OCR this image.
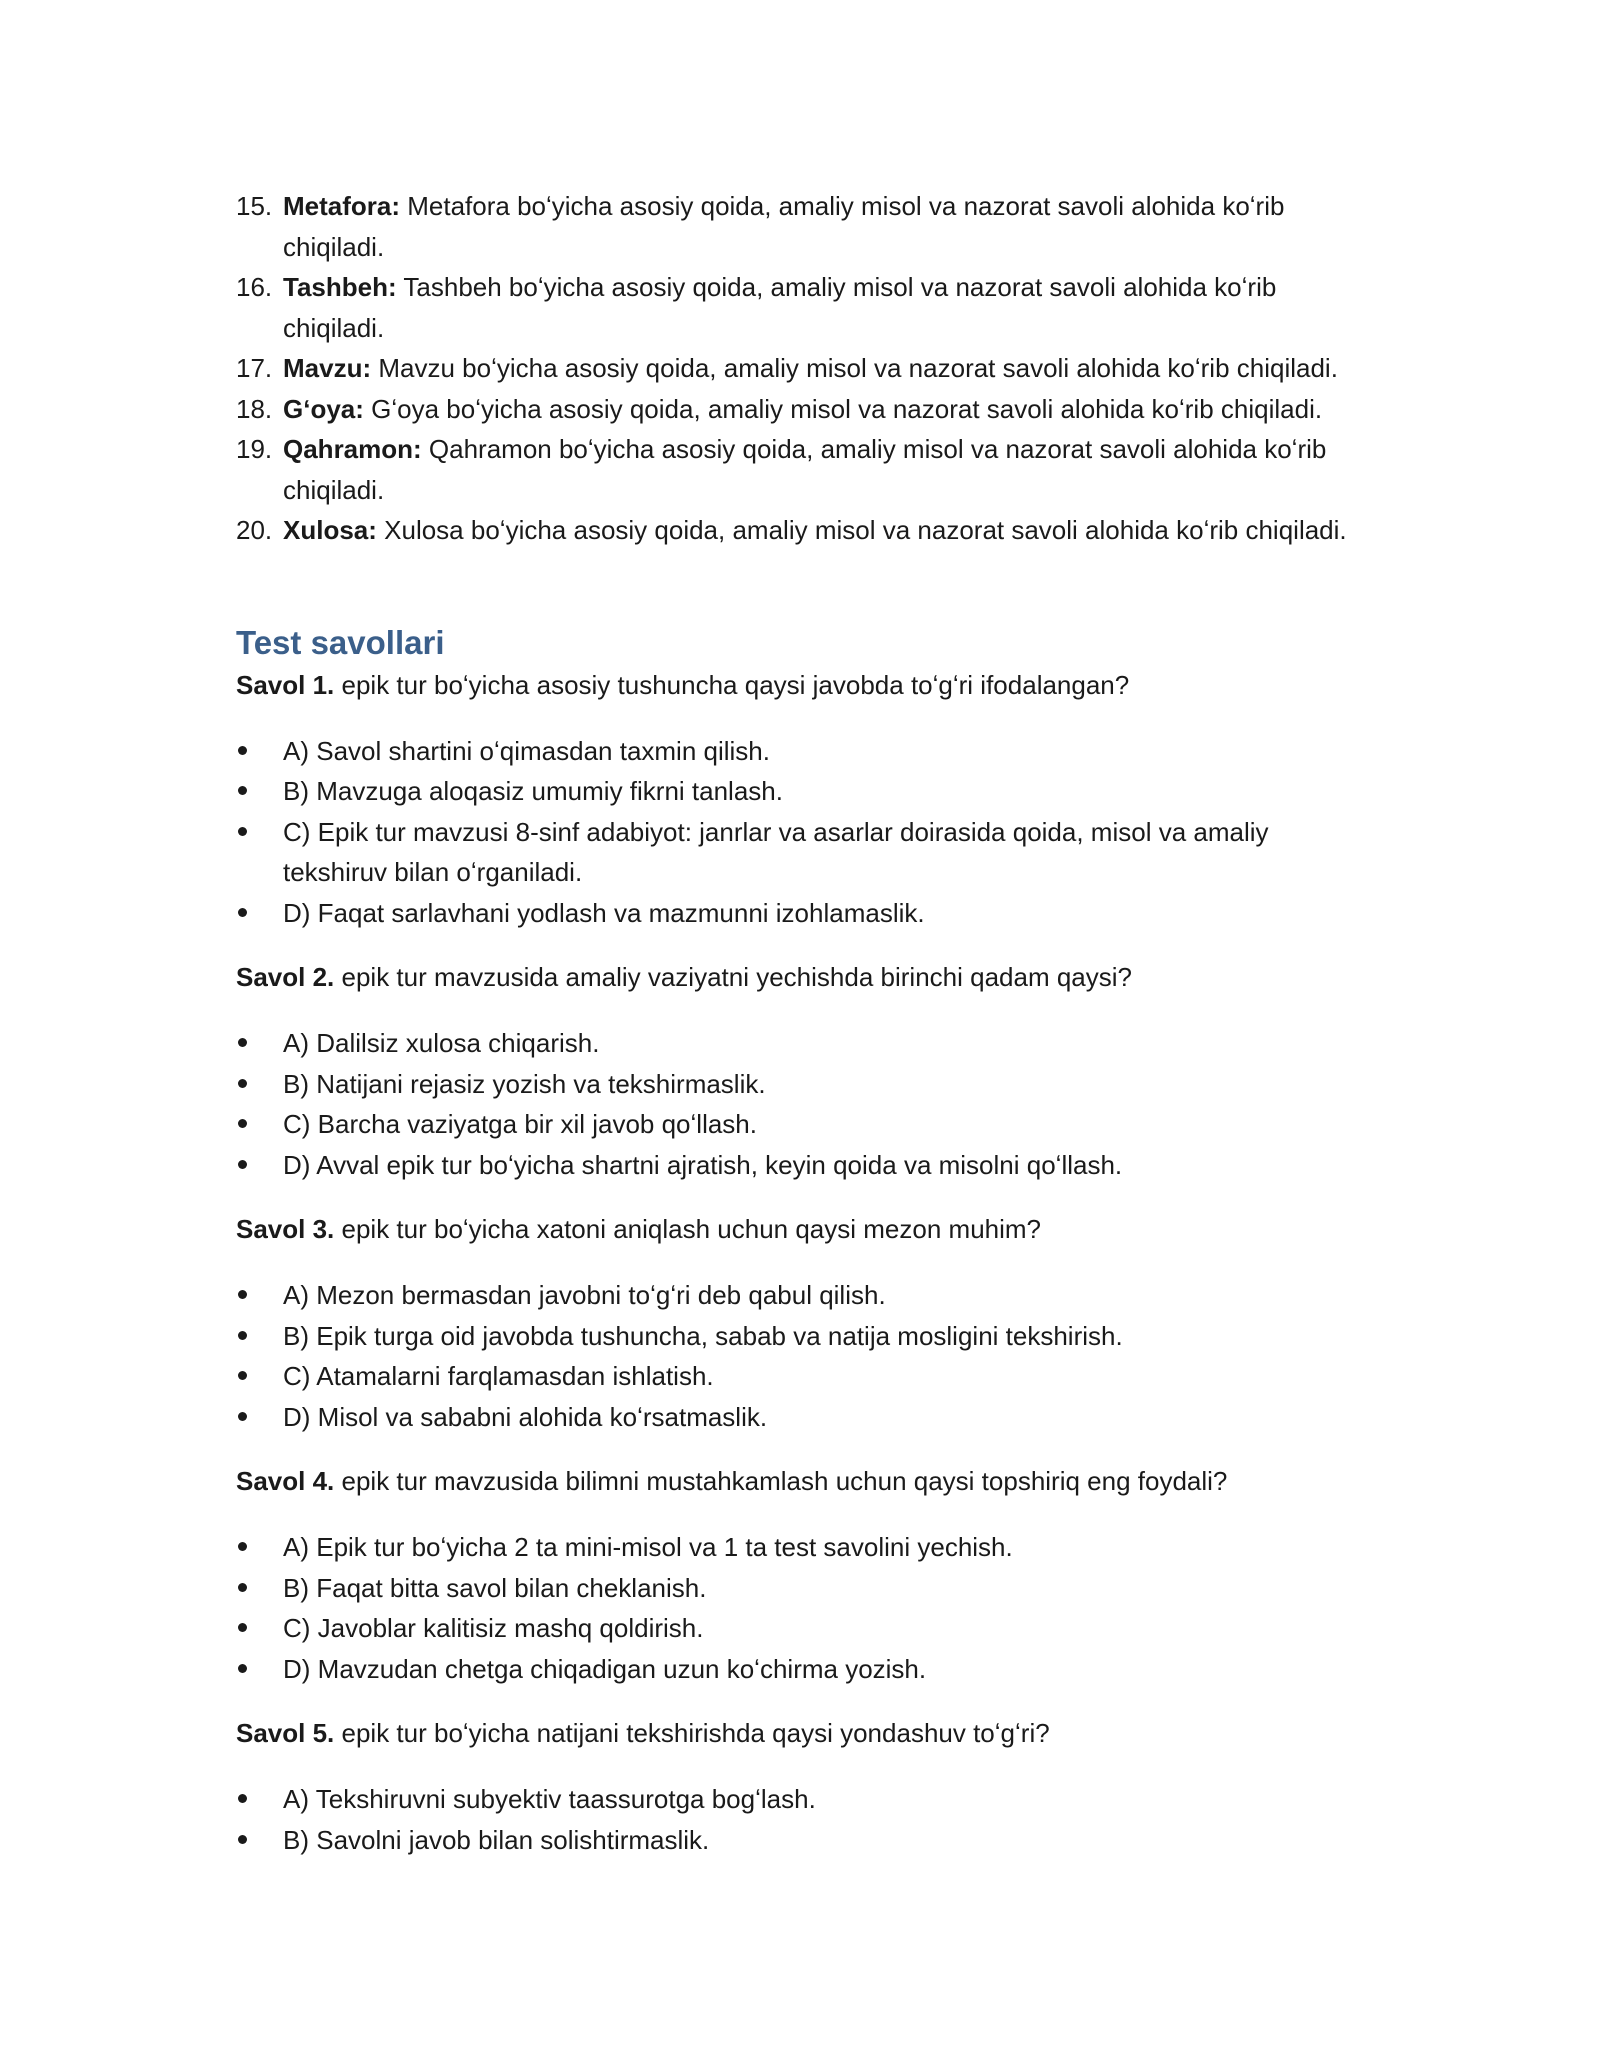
15. Metafora: Metafora boʻyicha asosiy qoida, amaliy misol va nazorat savoli alohida koʻrib chiqiladi.
16. Tashbeh: Tashbeh boʻyicha asosiy qoida, amaliy misol va nazorat savoli alohida koʻrib chiqiladi.
17. Mavzu: Mavzu boʻyicha asosiy qoida, amaliy misol va nazorat savoli alohida koʻrib chiqiladi.
18. Gʻoya: Gʻoya boʻyicha asosiy qoida, amaliy misol va nazorat savoli alohida koʻrib chiqiladi.
19. Qahramon: Qahramon boʻyicha asosiy qoida, amaliy misol va nazorat savoli alohida koʻrib chiqiladi.
20. Xulosa: Xulosa boʻyicha asosiy qoida, amaliy misol va nazorat savoli alohida koʻrib chiqiladi.
Test savollari

Savol 1. epik tur boʻyicha asosiy tushuncha qaysi javobda toʻgʻri ifodalangan?

A) Savol shartini oʻqimasdan taxmin qilish.
B) Mavzuga aloqasiz umumiy fikrni tanlash.
C) Epik tur mavzusi 8-sinf adabiyot: janrlar va asarlar doirasida qoida, misol va amaliy tekshiruv bilan oʻrganiladi.
D) Faqat sarlavhani yodlash va mazmunni izohlamaslik.

Savol 2. epik tur mavzusida amaliy vaziyatni yechishda birinchi qadam qaysi?

A) Dalilsiz xulosa chiqarish.
B) Natijani rejasiz yozish va tekshirmaslik.
C) Barcha vaziyatga bir xil javob qoʻllash.
D) Avval epik tur boʻyicha shartni ajratish, keyin qoida va misolni qoʻllash.

Savol 3. epik tur boʻyicha xatoni aniqlash uchun qaysi mezon muhim?

A) Mezon bermasdan javobni toʻgʻri deb qabul qilish.
B) Epik turga oid javobda tushuncha, sabab va natija mosligini tekshirish.
C) Atamalarni farqlamasdan ishlatish.
D) Misol va sababni alohida koʻrsatmaslik.

Savol 4. epik tur mavzusida bilimni mustahkamlash uchun qaysi topshiriq eng foydali?

A) Epik tur boʻyicha 2 ta mini-misol va 1 ta test savolini yechish.
B) Faqat bitta savol bilan cheklanish.
C) Javoblar kalitisiz mashq qoldirish.
D) Mavzudan chetga chiqadigan uzun koʻchirma yozish.

Savol 5. epik tur boʻyicha natijani tekshirishda qaysi yondashuv toʻgʻri?

A) Tekshiruvni subyektiv taassurotga bogʻlash.
B) Savolni javob bilan solishtirmaslik.
